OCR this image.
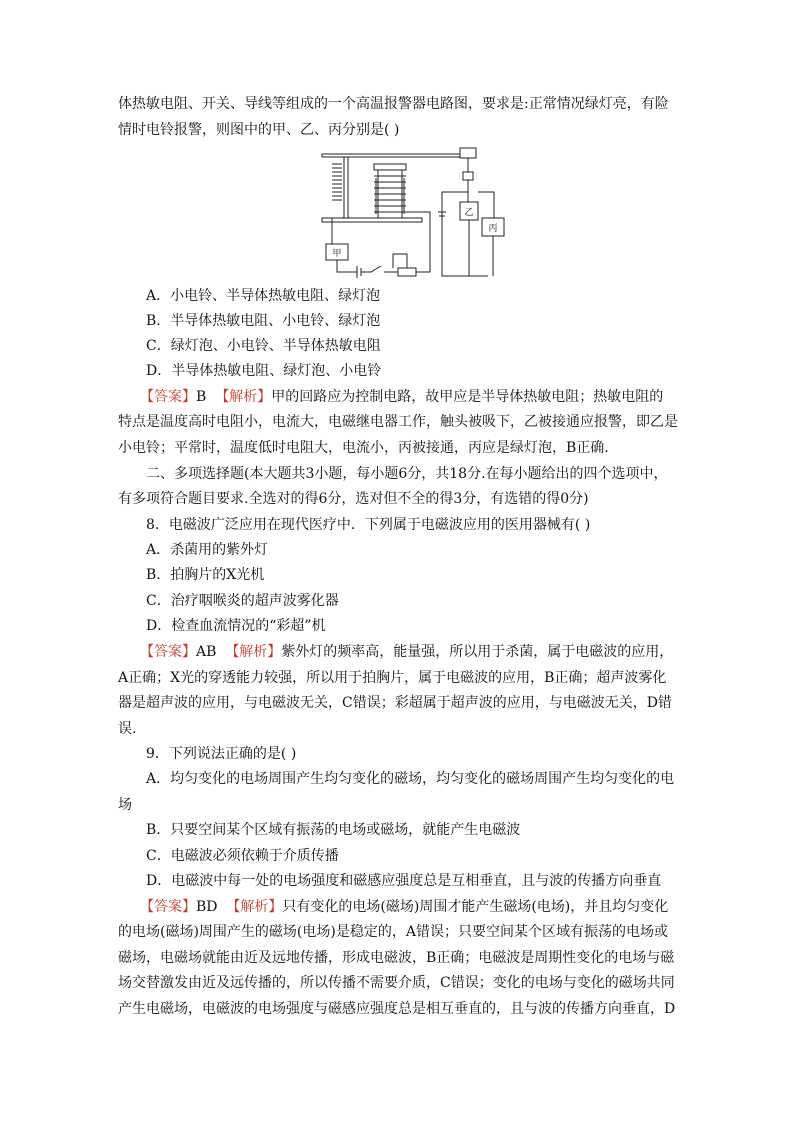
体热敏电阻、开关、导线等组成的一个高温报警器电路图，要求是:正常情况绿灯亮，有险
情时电铃报警，则图中的甲、乙、丙分别是( )
甲
乙
丙
A．小电铃、半导体热敏电阻、绿灯泡
B．半导体热敏电阻、小电铃、绿灯泡
C．绿灯泡、小电铃、半导体热敏电阻
D．半导体热敏电阻、绿灯泡、小电铃
【答案】B 【解析】甲的回路应为控制电路，故甲应是半导体热敏电阻；热敏电阻的
特点是温度高时电阻小，电流大，电磁继电器工作，触头被吸下，乙被接通应报警，即乙是
小电铃；平常时，温度低时电阻大，电流小，丙被接通，丙应是绿灯泡，B正确.
二、多项选择题(本大题共3小题，每小题6分，共18分.在每小题给出的四个选项中，
有多项符合题目要求.全选对的得6分，选对但不全的得3分，有选错的得0分)
8．电磁波广泛应用在现代医疗中．下列属于电磁波应用的医用器械有( )
A．杀菌用的紫外灯
B．拍胸片的X光机
C．治疗咽喉炎的超声波雾化器
D．检查血流情况的“彩超”机
【答案】AB 【解析】紫外灯的频率高，能量强，所以用于杀菌，属于电磁波的应用，
A正确；X光的穿透能力较强，所以用于拍胸片，属于电磁波的应用，B正确；超声波雾化
器是超声波的应用，与电磁波无关，C错误；彩超属于超声波的应用，与电磁波无关，D错
误.
9．下列说法正确的是( )
A．均匀变化的电场周围产生均匀变化的磁场，均匀变化的磁场周围产生均匀变化的电
场
B．只要空间某个区域有振荡的电场或磁场，就能产生电磁波
C．电磁波必须依赖于介质传播
D．电磁波中每一处的电场强度和磁感应强度总是互相垂直，且与波的传播方向垂直
【答案】BD 【解析】只有变化的电场(磁场)周围才能产生磁场(电场)，并且均匀变化
的电场(磁场)周围产生的磁场(电场)是稳定的，A错误；只要空间某个区域有振荡的电场或
磁场，电磁场就能由近及远地传播，形成电磁波，B正确；电磁波是周期性变化的电场与磁
场交替激发由近及远传播的，所以传播不需要介质，C错误；变化的电场与变化的磁场共同
产生电磁场，电磁波的电场强度与磁感应强度总是相互垂直的，且与波的传播方向垂直，D
